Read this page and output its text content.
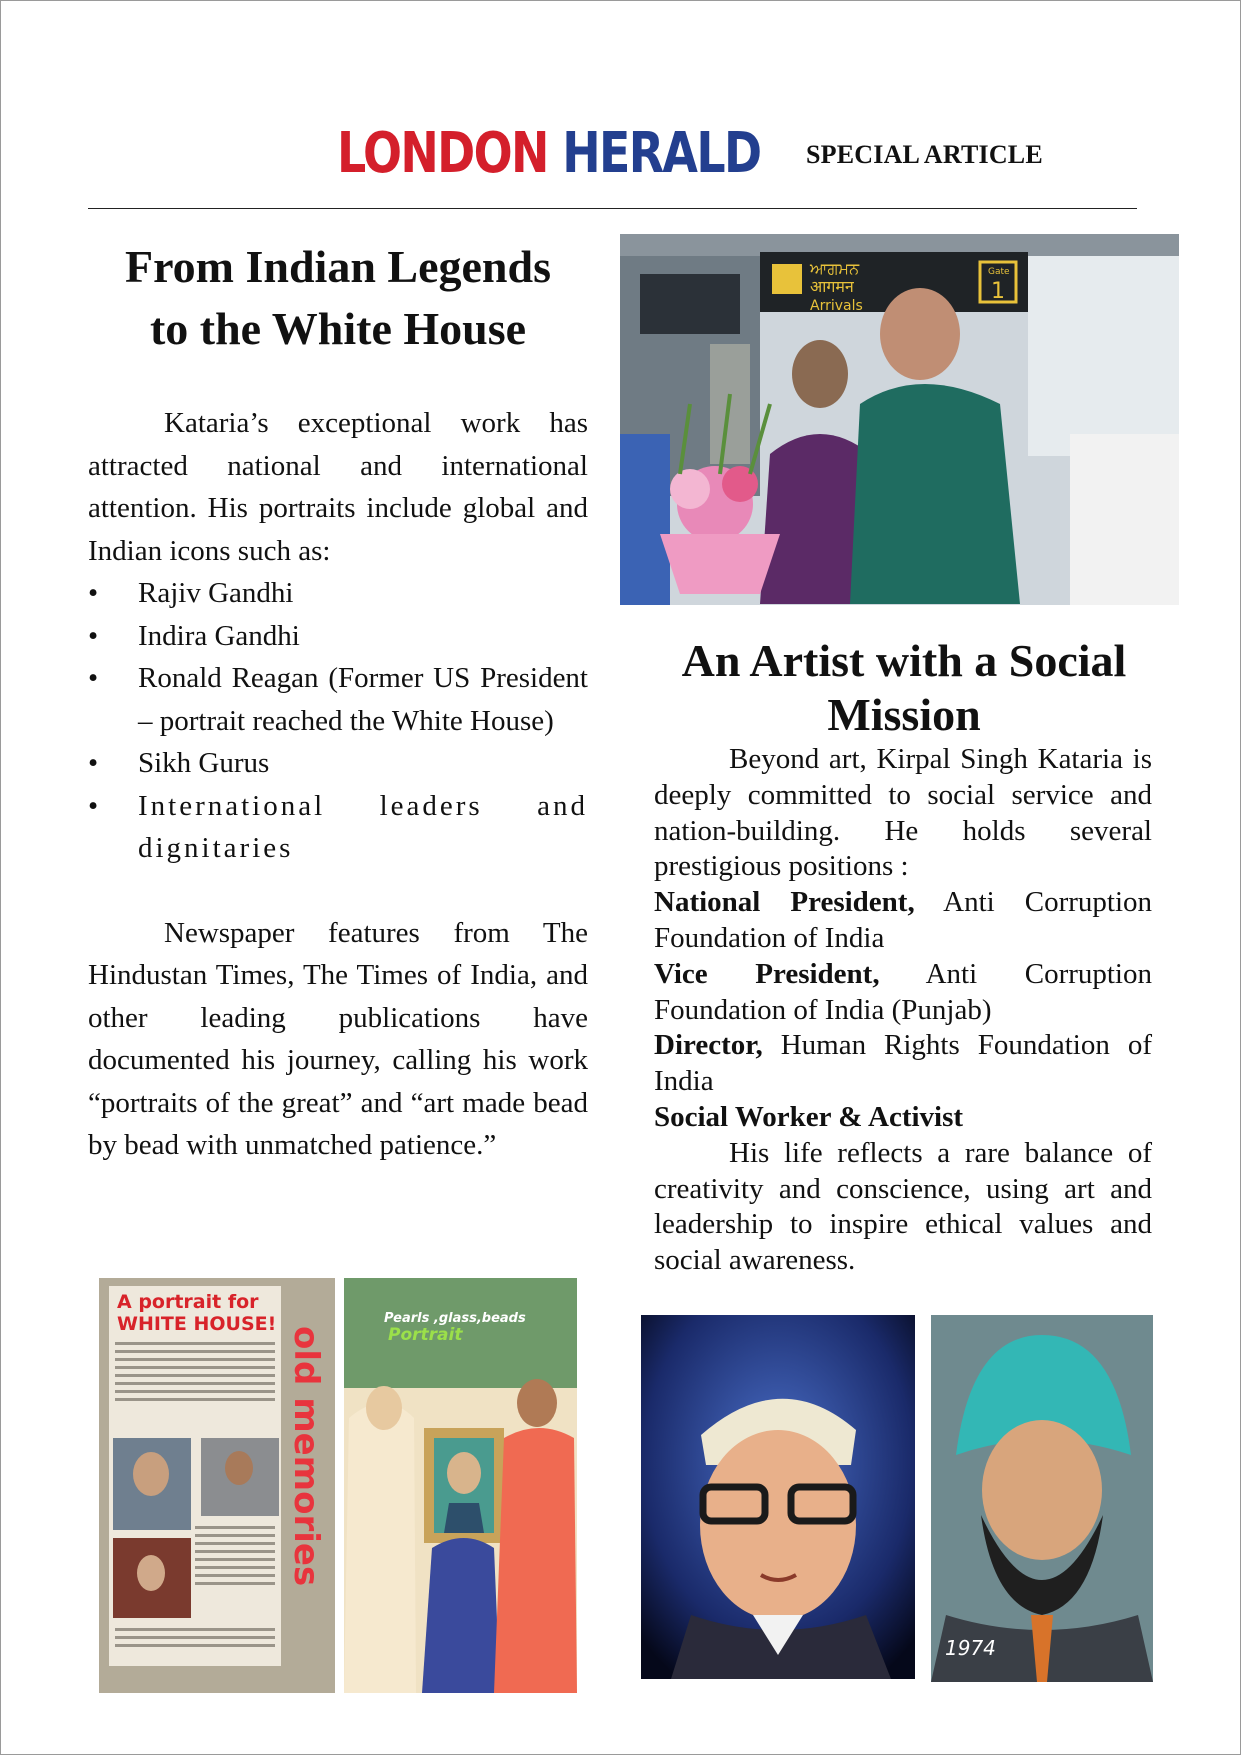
LONDON HERALD SPECIAL ARTICLE
From Indian Legends
to the White House

Kataria’s exceptional work has attracted national and international attention. His portraits include global and Indian icons such as:

• Rajiv Gandhi
• Indira Gandhi
• Ronald Reagan (Former US President – portrait reached the White House)
• Sikh Gurus
• International leaders and dignitaries

Newspaper features from The Hindustan Times, The Times of India, and other leading publications have documented his journey, calling his work “portraits of the great” and “art made bead by bead with unmatched patience.”

ਆਗਮਨ
आगमन
Arrivals
Gate
1
An Artist with a Social
Mission

Beyond art, Kirpal Singh Kataria is deeply committed to social service and nation-building. He holds several prestigious positions :

National President, Anti Corruption Foundation of India

Vice President, Anti Corruption Foundation of India (Punjab)

Director, Human Rights Foundation of India

Social Worker & Activist

His life reflects a rare balance of creativity and conscience, using art and leadership to inspire ethical values and social awareness.

A portrait for
WHITE HOUSE!
old memories
Pearls ,glass,beads
Portrait
1974
